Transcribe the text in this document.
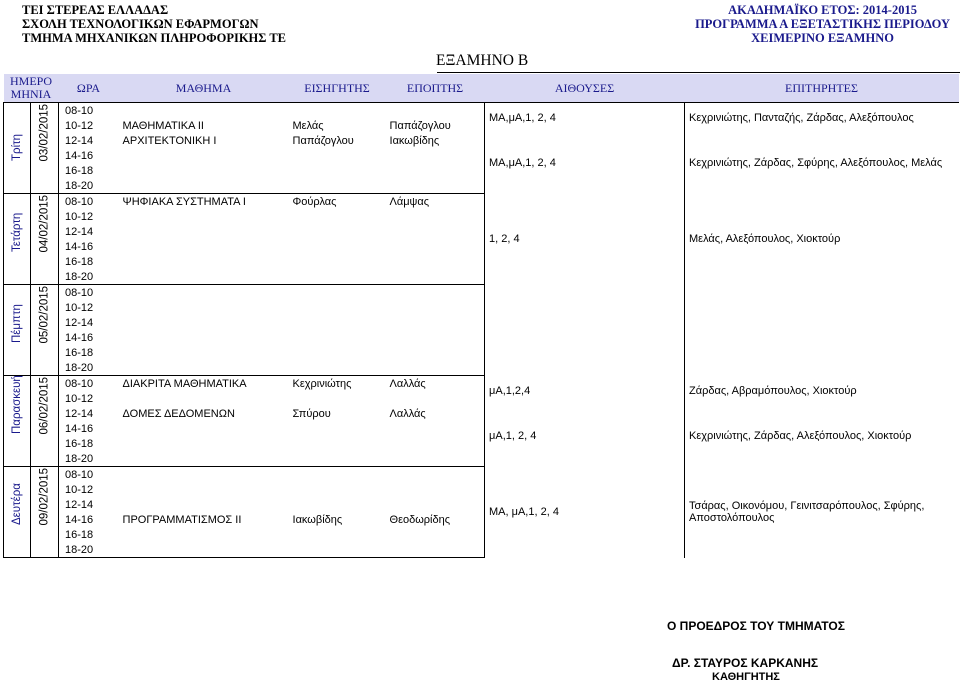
ΤΕΙ ΣΤΕΡΕΑΣ ΕΛΛΑΔΑΣ
ΣΧΟΛΗ ΤΕΧΝΟΛΟΓΙΚΩΝ ΕΦΑΡΜΟΓΩΝ
ΤΜΗΜΑ ΜΗΧΑΝΙΚΩΝ ΠΛΗΡΟΦΟΡΙΚΗΣ ΤΕ
ΑΚΑΔΗΜΑΪΚΟ ΕΤΟΣ: 2014-2015
ΠΡΟΓΡΑΜΜΑ Α ΕΞΕΤΑΣΤΙΚΗΣ ΠΕΡΙΟΔΟΥ
ΧΕΙΜΕΡΙΝΟ ΕΞΑΜΗΝΟ
ΕΞΑΜΗΝΟ Β
ΗΜΕΡΟ
ΜΗΝΙΑ		ΩΡΑ	ΜΑΘΗΜΑ	ΕΙΣΗΓΗΤΗΣ	ΕΠΟΠΤΗΣ	ΑΙΘΟΥΣΕΣ	ΕΠΙΤΗΡΗΤΕΣ

Τρίτη	03/02/2015	08-10				ΜΑ,μΑ,1, 2, 4	Κεχρινιώτης, Πανταζής, Ζάρδας, Αλεξόπουλος
		10-12	ΜΑΘΗΜΑΤΙΚΑ ΙΙ	Μελάς	Παπάζογλου		
		12-14	ΑΡΧΙΤΕΚΤΟΝΙΚΗ Ι	Παπάζογλου	Ιακωβίδης	ΜΑ,μΑ,1, 2, 4	Κεχρινιώτης, Ζάρδας, Σφύρης, Αλεξόπουλος, Μελάς
		14-16					
		16-18					
		18-20					

Τετάρτη	04/02/2015	08-10	ΨΗΦΙΑΚΑ ΣΥΣΤΗΜΑΤΑ Ι	Φούρλας	Λάμψας	1, 2, 4	Μελάς, Αλεξόπουλος, Χιοκτούρ
		10-12					
		12-14					
		14-16					
		16-18					
		18-20					

Πέμπτη	05/02/2015	08-10					
		10-12					
		12-14					
		14-16					
		16-18					
		18-20					

Παρασκευή	06/02/2015	08-10	ΔΙΑΚΡΙΤΑ ΜΑΘΗΜΑΤΙΚΑ	Κεχρινιώτης	Λαλλάς	μΑ,1,2,4	Ζάρδας, Αβραμόπουλος, Χιοκτούρ
		10-12					
		12-14	ΔΟΜΕΣ ΔΕΔΟΜΕΝΩΝ	Σπύρου	Λαλλάς	μΑ,1, 2, 4	Κεχρινιώτης, Ζάρδας, Αλεξόπουλος, Χιοκτούρ
		14-16					
		16-18					
		18-20					

Δευτέρα	09/02/2015	08-10				ΜΑ, μΑ,1, 2, 4	Τσάρας, Οικονόμου, Γεινιτσαρόπουλος, Σφύρης, Αποστολόπουλος
		10-12					
		12-14					
		14-16	ΠΡΟΓΡΑΜΜΑΤΙΣΜΟΣ ΙΙ	Ιακωβίδης	Θεοδωρίδης		
		16-18					
		18-20					
Ο ΠΡΟΕΔΡΟΣ ΤΟΥ ΤΜΗΜΑΤΟΣ
ΔΡ. ΣΤΑΥΡΟΣ ΚΑΡΚΑΝΗΣ
ΚΑΘΗΓΗΤΗΣ
